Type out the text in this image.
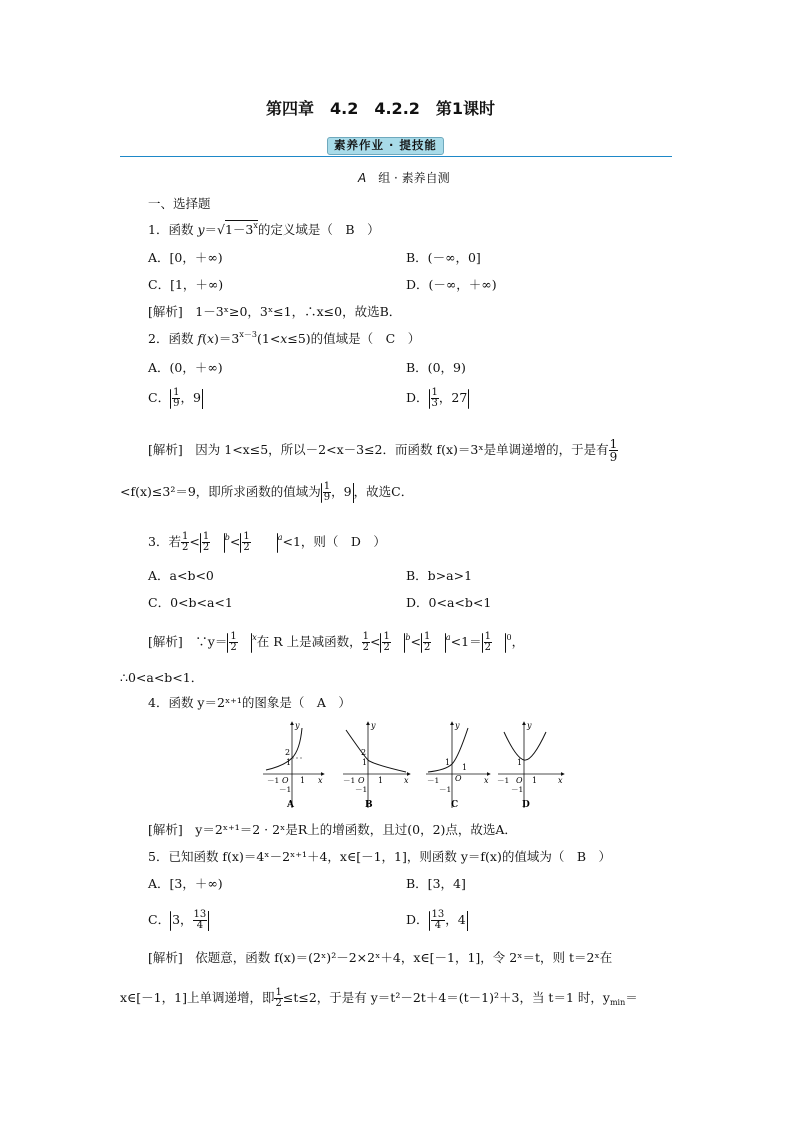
第四章　4.2　4.2.2　第1课时
素养作业 · 提技能
A　 组 · 素养自测
一、选择题
1．函数 $y=√1-3^x$的定义域是（　B　）
A．[0，＋∞)	B．(－∞，0]
C．[1，＋∞)	D．(－∞，＋∞)
[解析]　 1－3ˣ≥0，3ˣ≤1，∴x≤0，故选B．
2．函数 $f(x)=3^{x-3}(1<x\le 5)$的值域是（　C　）
A．(0，＋∞)	B．(0，9)
C． $\frac{1}{9}$ ，9	D． $\frac{1}{3}$ ，27
[解析]　 因为 1<x≤5，所以－2<x－3≤2．而函数 f(x)＝3ˣ是单调递增的，于是有 $\frac{1}{9}$
<f(x)≤3²＝9，即所求函数的值域为 $\frac{1}{9}$ ，9 ，故选C．
3．若 $\frac{1}{2} < \frac{1}{2}$
　 $^b< \frac{1}{2}$
　　	$^a$<1，则（　D　）
A．a<b<0	B．b>a>1
C．0<b<a<1	D．0<a<b<1
[解析]　 ∵y＝ $\frac{1}{2}$
　 $^x$在 R 上是减函数， $\frac{1}{2} < \frac{1}{2}$
　 $^b< \frac{1}{2}$
　 $^a<1= \frac{1}{2}$
　 $^0$，
∴0<a<b<1．
4．函数 y＝2ˣ⁺¹的图象是（　A　）
2
1
－1 O 1 x
y
－1
2
1
－1 O 1	x
y
－1
1
－1 O
1
x
y
－1
1
－1 O 1	x
y
－1
A	B	C	D
[解析]　 y＝2ˣ⁺¹＝2 · 2ˣ是R上的增函数，且过(0，2)点，故选A．
5．已知函数 f(x)＝4ˣ－2ˣ⁺¹＋4，x∈[－1，1]，则函数 y＝f(x)的值域为（　B　）
A．[3，＋∞)	B．[3，4]
C． 3， $\frac{13}{4}$	D． $\frac{13}{4}$ ，4
[解析]　 依题意，函数 f(x)＝(2ˣ)²－2×2ˣ＋4，x∈[－1，1]，令 2ˣ＝t，则 t＝2ˣ在
x∈[－1，1]上单调递增，即 $\frac{1}{2} \le t\le 2$，于是有 y＝t²－2t＋4＝(t－1)²＋3，当 t＝1 时，$y_{min}=$
